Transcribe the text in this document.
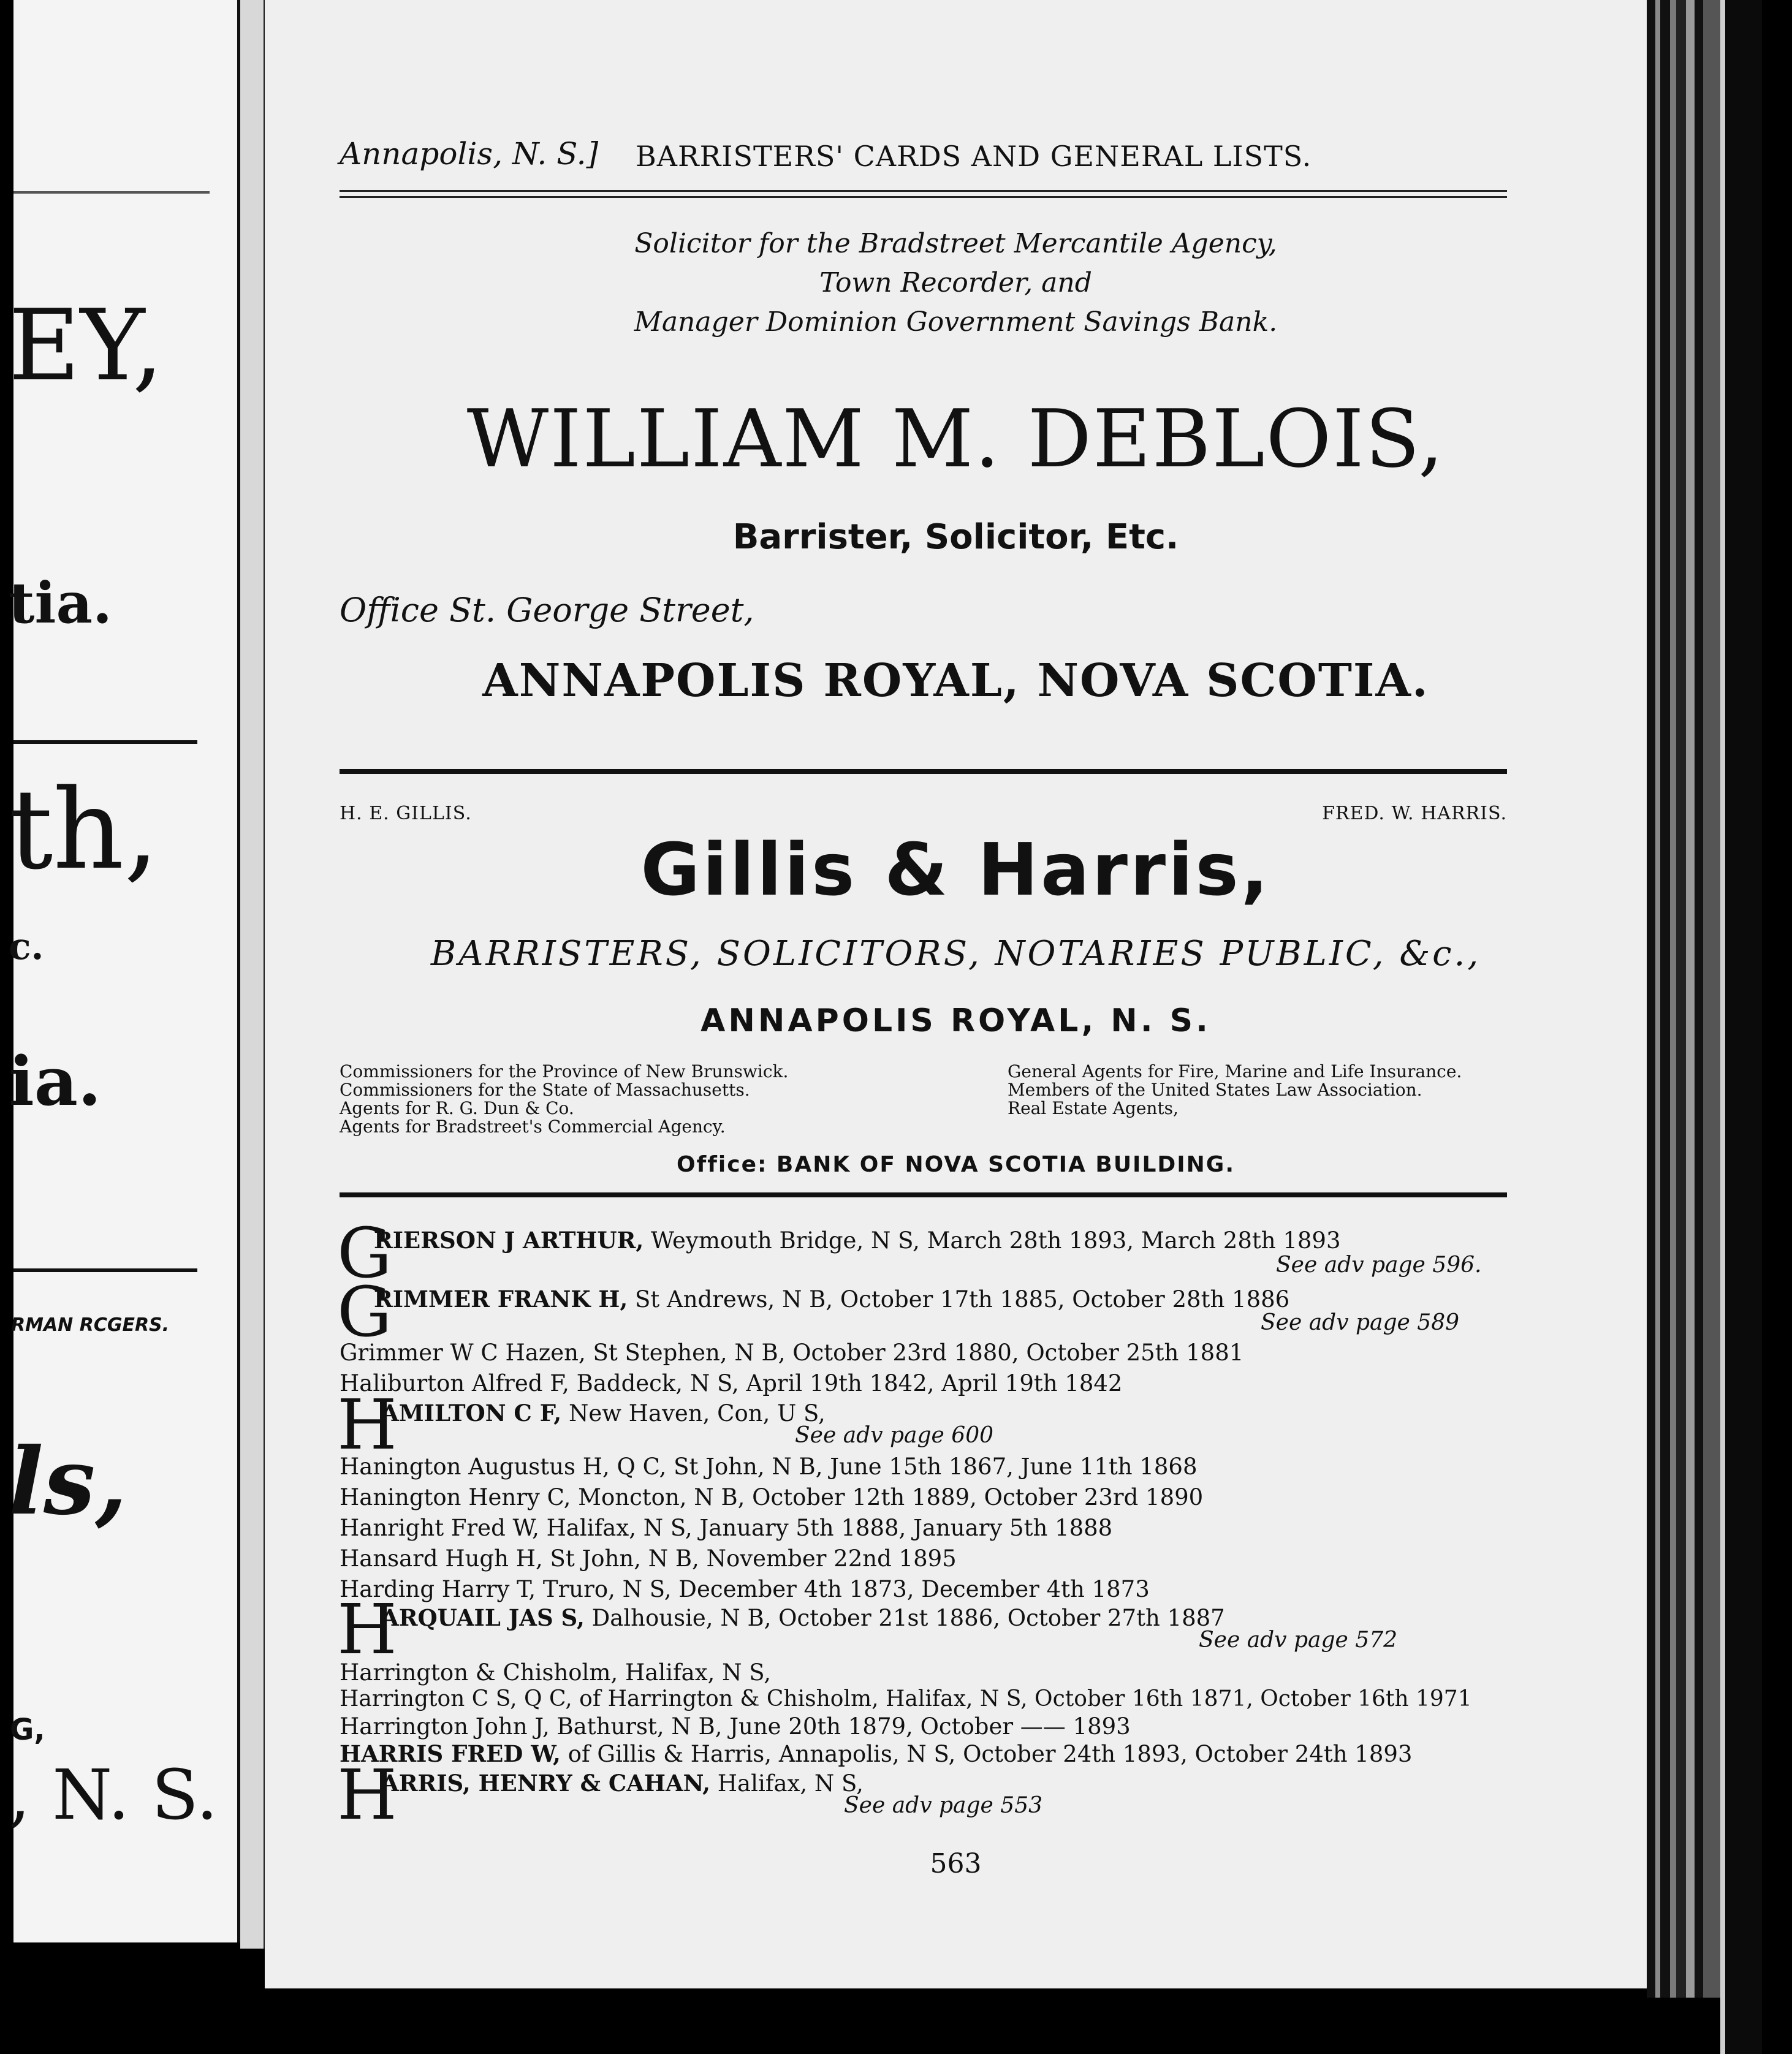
EY,
tia.
th,
c.
ia.
RMAN RCGERS.
ls,
G,
, N. S.
Annapolis, N. S.] BARRISTERS' CARDS AND GENERAL LISTS.
Solicitor for the Bradstreet Mercantile Agency,
Town Recorder, and
Manager Dominion Government Savings Bank.
WILLIAM M. DEBLOIS,
Barrister, Solicitor, Etc.
Office St. George Street,
ANNAPOLIS ROYAL, NOVA SCOTIA.
H. E. GILLIS.	FRED. W. HARRIS.
Gillis & Harris,
BARRISTERS, SOLICITORS, NOTARIES PUBLIC, &c.,
ANNAPOLIS ROYAL, N. S.
Commissioners for the Province of New Brunswick.
Commissioners for the State of Massachusetts.
Agents for R. G. Dun & Co.
Agents for Bradstreet's Commercial Agency.
General Agents for Fire, Marine and Life Insurance.
Members of the United States Law Association.
Real Estate Agents,
Office: BANK OF NOVA SCOTIA BUILDING.
G
RIERSON J ARTHUR, Weymouth Bridge, N S, March 28th 1893, March 28th 1893
See adv page 596.
G
RIMMER FRANK H, St Andrews, N B, October 17th 1885, October 28th 1886
See adv page 589
Grimmer W C Hazen, St Stephen, N B, October 23rd 1880, October 25th 1881
Haliburton Alfred F, Baddeck, N S, April 19th 1842, April 19th 1842
H
AMILTON C F, New Haven, Con, U S,
See adv page 600
Hanington Augustus H, Q C, St John, N B, June 15th 1867, June 11th 1868
Hanington Henry C, Moncton, N B, October 12th 1889, October 23rd 1890
Hanright Fred W, Halifax, N S, January 5th 1888, January 5th 1888
Hansard Hugh H, St John, N B, November 22nd 1895
Harding Harry T, Truro, N S, December 4th 1873, December 4th 1873
H
ARQUAIL JAS S, Dalhousie, N B, October 21st 1886, October 27th 1887
See adv page 572
Harrington & Chisholm, Halifax, N S,
Harrington C S, Q C, of Harrington & Chisholm, Halifax, N S, October 16th 1871, October 16th 1971
Harrington John J, Bathurst, N B, June 20th 1879, October —— 1893
HARRIS FRED W, of Gillis & Harris, Annapolis, N S, October 24th 1893, October 24th 1893
H
ARRIS, HENRY & CAHAN, Halifax, N S,
See adv page 553
563
